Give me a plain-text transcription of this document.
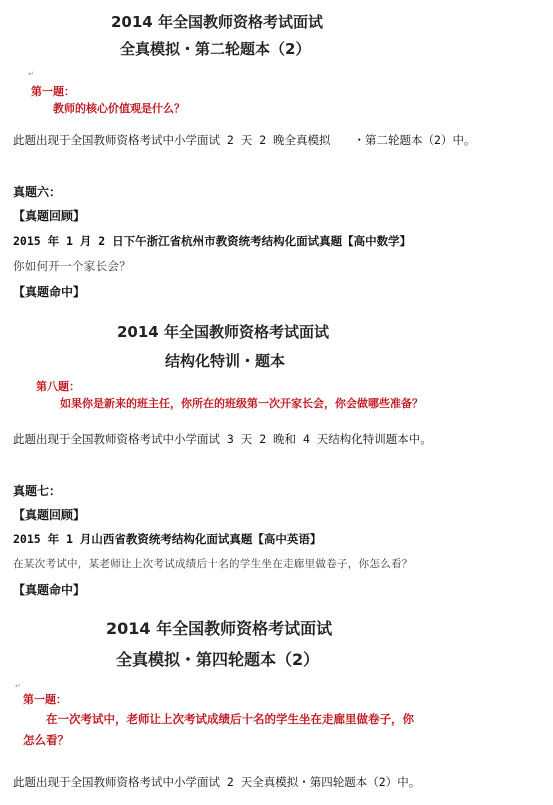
2014 年全国教师资格考试面试
全真模拟・第二轮题本（2）
↵
第一题：
教师的核心价值观是什么？
此题出现于全国教师资格考试中小学面试 2 天 2 晚全真模拟　　・第二轮题本（2）中。
真题六：
【真题回顾】
2015 年 1 月 2 日下午浙江省杭州市教资统考结构化面试真题【高中数学】
你如何开一个家长会？
【真题命中】
2014 年全国教师资格考试面试
结构化特训・题本
第八题：
如果你是新来的班主任，你所在的班级第一次开家长会，你会做哪些准备？
此题出现于全国教师资格考试中小学面试 3 天 2 晚和 4 天结构化特训题本中。
真题七：
【真题回顾】
2015 年 1 月山西省教资统考结构化面试真题【高中英语】
在某次考试中，某老师让上次考试成绩后十名的学生坐在走廊里做卷子，你怎么看？
【真题命中】
2014 年全国教师资格考试面试
全真模拟・第四轮题本（2）
↵
第一题：
在一次考试中，老师让上次考试成绩后十名的学生坐在走廊里做卷子，你
怎么看？
此题出现于全国教师资格考试中小学面试 2 天全真模拟・第四轮题本（2）中。
